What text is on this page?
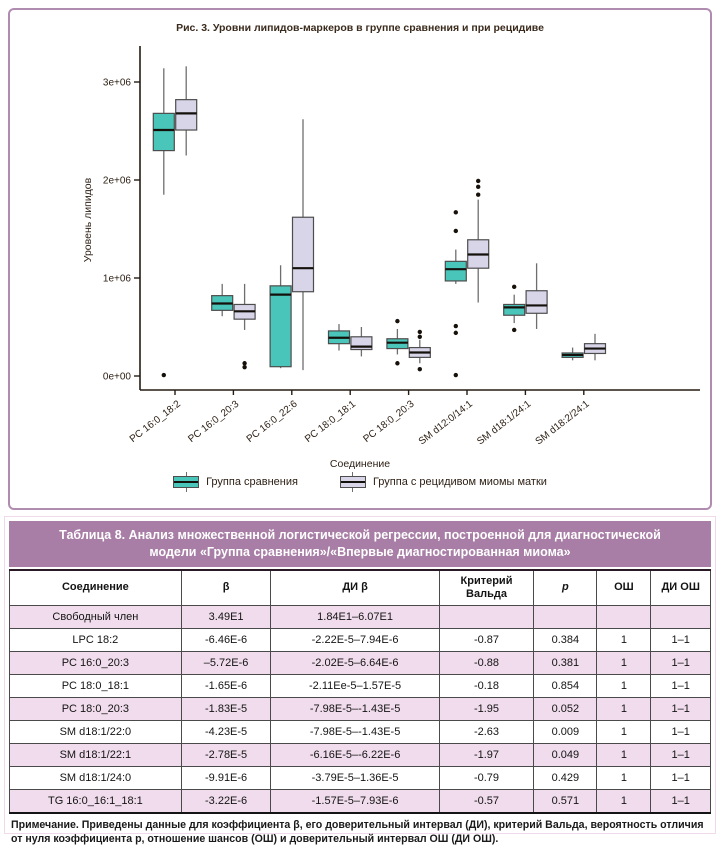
0e+00
1e+06
2e+06
3e+06
PC 16:0_18:2 PC 16:0_20:3 PC 16:0_22:6 PC 18:0_18:1 PC 18:0_20:3 SM d12:0/14:1 SM d18:1/24:1 SM d18:2/24:1
Рис. 3. Уровни липидов-маркеров в группе сравнения и при рецидиве
Уровень липидов
Соединение
Группа сравнения	Группа с рецидивом миомы матки
Таблица 8. Анализ множественной логистической регрессии, построенной для диагностической модели «Группа сравнения»/«Впервые диагностированная миома»
Соединение	β	ДИ β	Критерий Вальда	p	ОШ	ДИ ОШ
Свободный член	3.49E1	1.84E1–6.07E1				
LPC 18:2	-6.46E-6	-2.22E-5–7.94E-6	-0.87	0.384	1	1–1
PC 16:0_20:3	–5.72E-6	-2.02E-5–6.64E-6	-0.88	0.381	1	1–1
PC 18:0_18:1	-1.65E-6	-2.11Ee-5–1.57E-5	-0.18	0.854	1	1–1
PC 18:0_20:3	-1.83E-5	-7.98E-5–-1.43E-5	-1.95	0.052	1	1–1
SM d18:1/22:0	-4.23E-5	-7.98E-5–-1.43E-5	-2.63	0.009	1	1–1
SM d18:1/22:1	-2.78E-5	-6.16E-5–-6.22E-6	-1.97	0.049	1	1–1
SM d18:1/24:0	-9.91E-6	-3.79E-5–1.36E-5	-0.79	0.429	1	1–1
TG 16:0_16:1_18:1	-3.22E-6	-1.57E-5–7.93E-6	-0.57	0.571	1	1–1
Примечание. Приведены данные для коэффициента β, его доверительный интервал (ДИ), критерий Вальда, вероятность отличия от нуля коэффициента p, отношение шансов (ОШ) и доверительный интервал ОШ (ДИ ОШ).
